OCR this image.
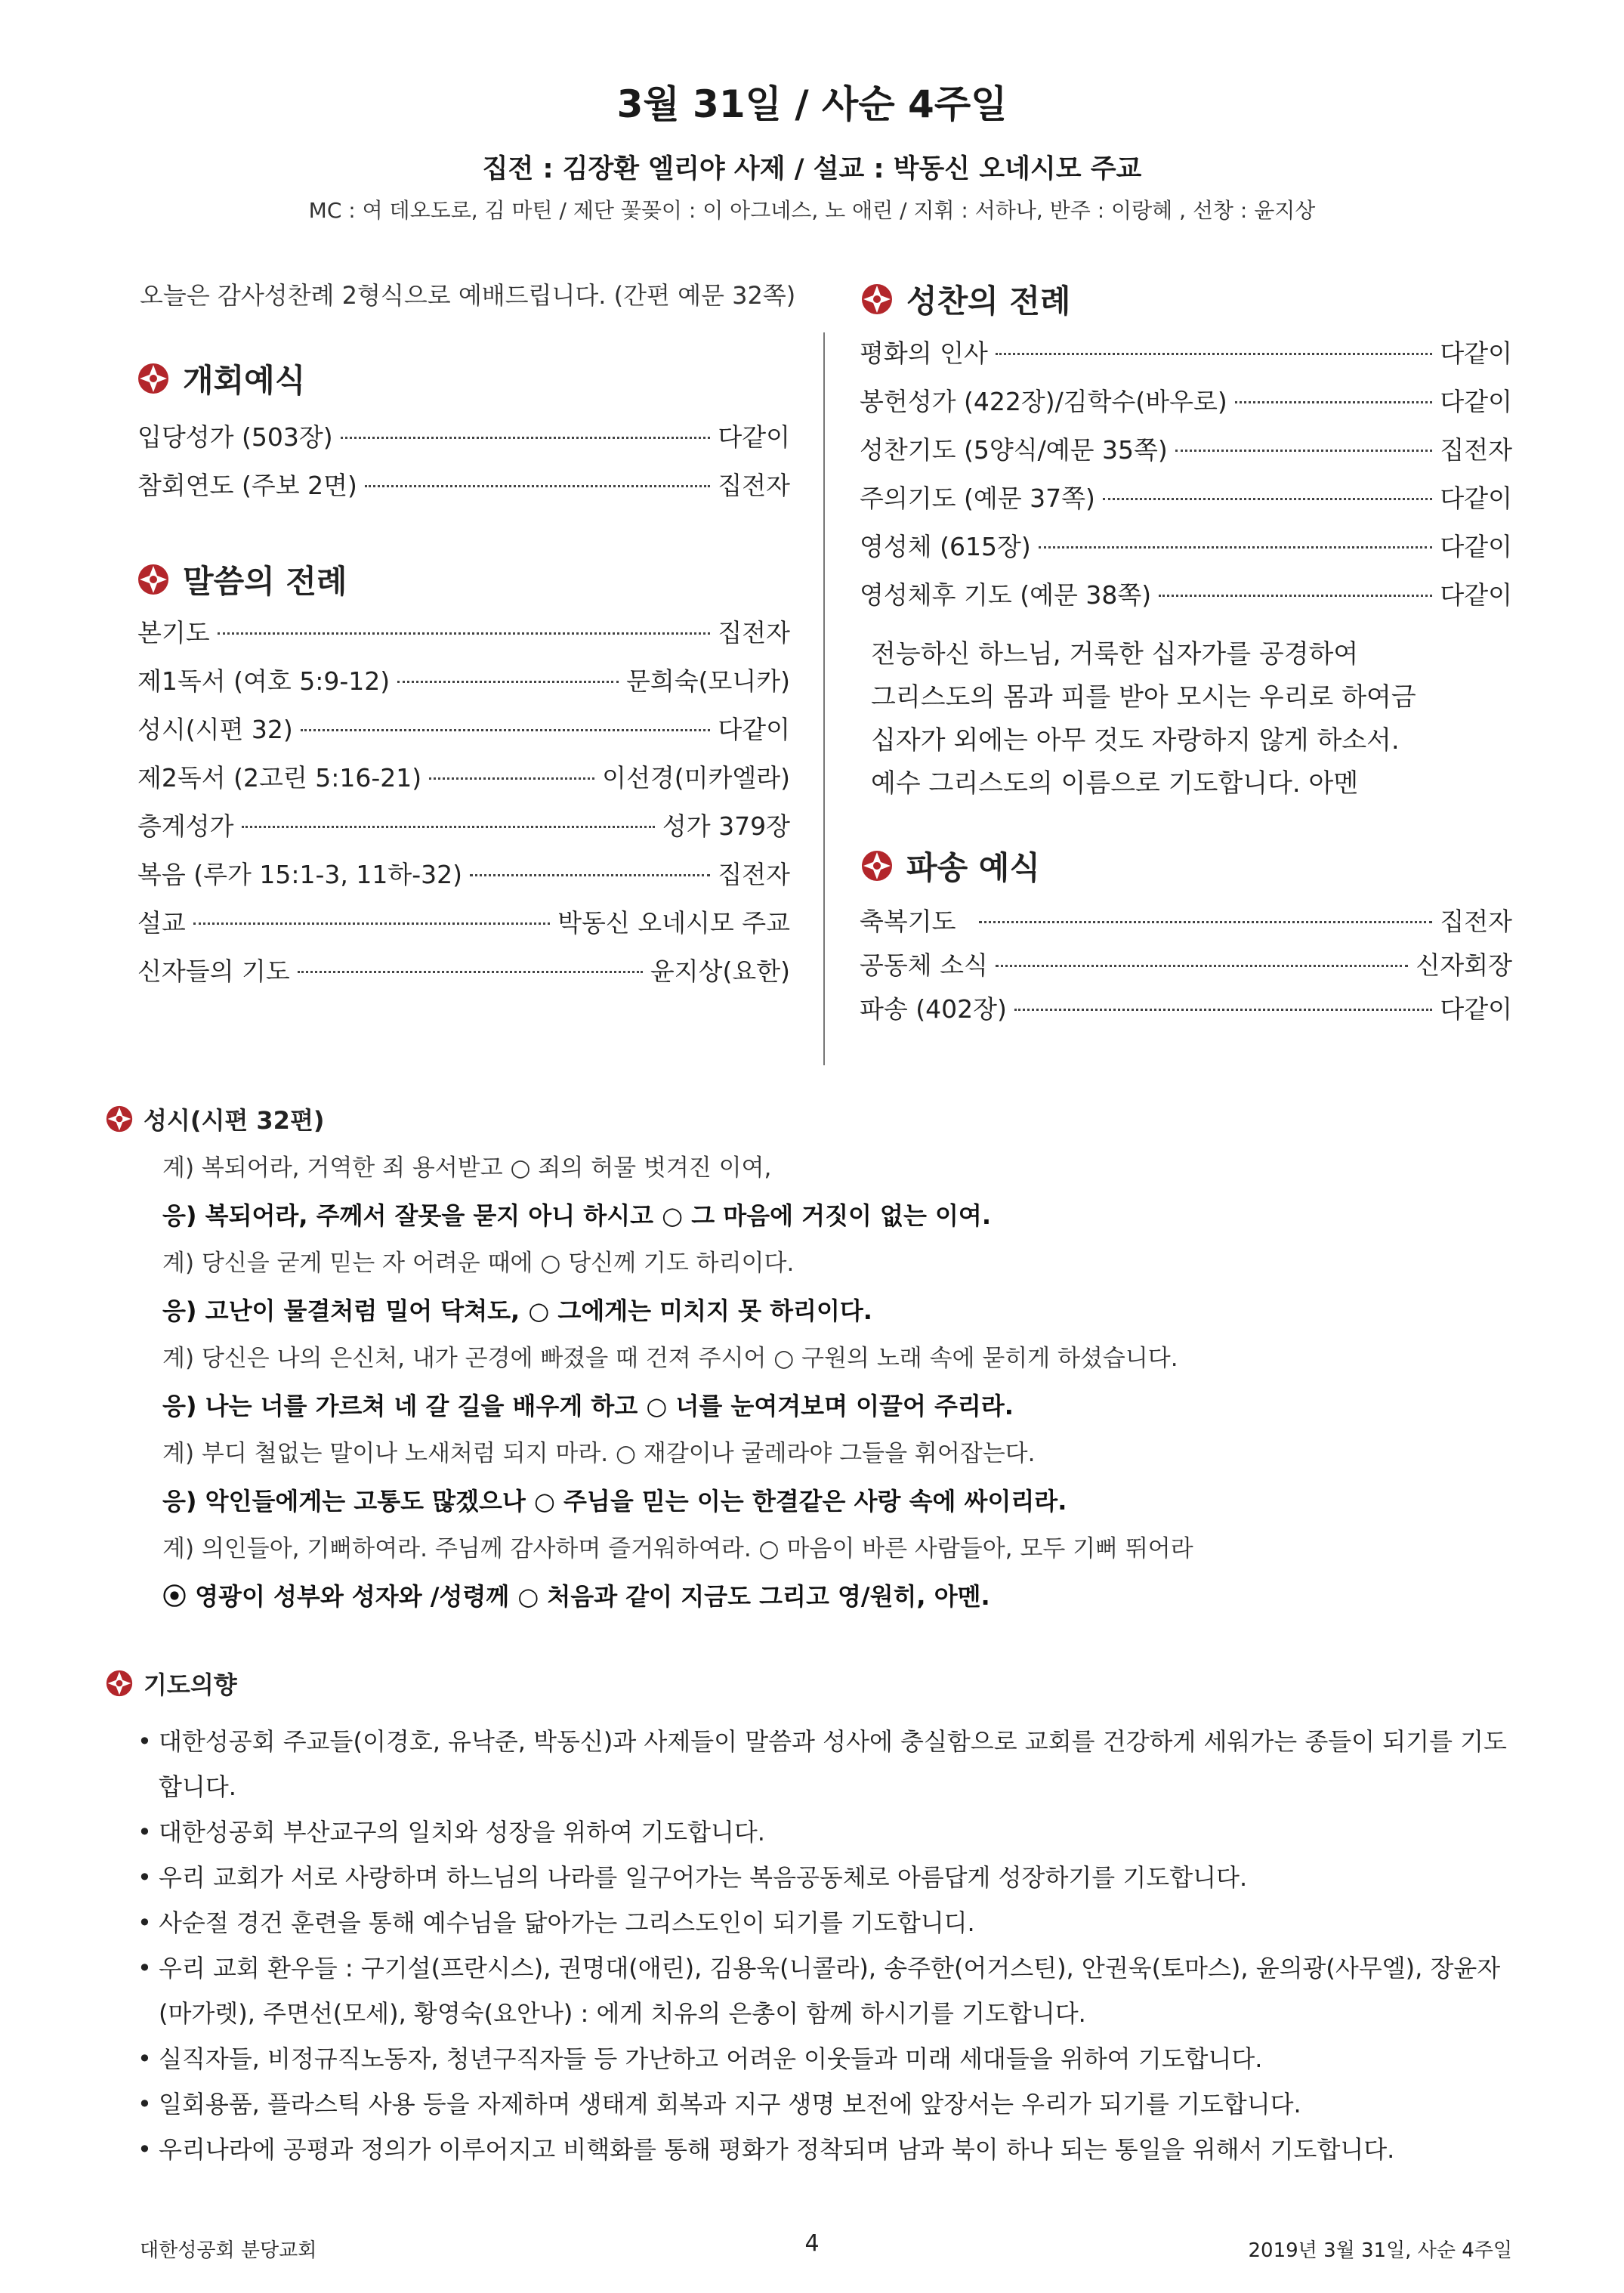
3월 31일 / 사순 4주일
집전 : 김장환 엘리야 사제 / 설교 : 박동신 오네시모 주교
MC : 여 데오도로, 김 마틴 / 제단 꽃꽂이 : 이 아그네스, 노 애린 / 지휘 : 서하나, 반주 : 이랑혜 , 선창 : 윤지상
오늘은 감사성찬례 2형식으로 예배드립니다. (간편 예문 32쪽)
개회예식
입당성가 (503장)	다같이
참회연도 (주보 2면)	집전자
말씀의 전례
본기도	집전자
제1독서 (여호 5:9-12)	문희숙(모니카)
성시(시편 32)	다같이
제2독서 (2고린 5:16-21)	이선경(미카엘라)
층계성가	성가 379장
복음 (루가 15:1-3, 11하-32)	집전자
설교	박동신 오네시모 주교
신자들의 기도	윤지상(요한)
성찬의 전례
평화의 인사	다같이
봉헌성가 (422장)/김학수(바우로)	다같이
성찬기도 (5양식/예문 35쪽)	집전자
주의기도 (예문 37쪽)	다같이
영성체 (615장)	다같이
영성체후 기도 (예문 38쪽)	다같이
전능하신 하느님, 거룩한 십자가를 공경하여
그리스도의 몸과 피를 받아 모시는 우리로 하여금
십자가 외에는 아무 것도 자랑하지 않게 하소서.
예수 그리스도의 이름으로 기도합니다. 아멘
파송 예식
축복기도	집전자
공동체 소식	신자회장
파송 (402장)	다같이
성시(시편 32편)
계) 복되어라, 거역한 죄 용서받고 ○ 죄의 허물 벗겨진 이여,
응) 복되어라, 주께서 잘못을 묻지 아니 하시고 ○ 그 마음에 거짓이 없는 이여.
계) 당신을 굳게 믿는 자 어려운 때에 ○ 당신께 기도 하리이다.
응) 고난이 물결처럼 밀어 닥쳐도, ○ 그에게는 미치지 못 하리이다.
계) 당신은 나의 은신처, 내가 곤경에 빠졌을 때 건져 주시어 ○ 구원의 노래 속에 묻히게 하셨습니다.
응) 나는 너를 가르쳐 네 갈 길을 배우게 하고 ○ 너를 눈여겨보며 이끌어 주리라.
계) 부디 철없는 말이나 노새처럼 되지 마라. ○ 재갈이나 굴레라야 그들을 휘어잡는다.
응) 악인들에게는 고통도 많겠으나 ○ 주님을 믿는 이는 한결같은 사랑 속에 싸이리라.
계) 의인들아, 기뻐하여라. 주님께 감사하며 즐거워하여라. ○ 마음이 바른 사람들아, 모두 기뻐 뛰어라
⦿ 영광이 성부와 성자와 /성령께 ○ 처음과 같이 지금도 그리고 영/원히, 아멘.
기도의향
• 대한성공회 주교들(이경호, 유낙준, 박동신)과 사제들이 말씀과 성사에 충실함으로 교회를 건강하게 세워가는 종들이 되기를 기도합니다.
• 대한성공회 부산교구의 일치와 성장을 위하여 기도합니다.
• 우리 교회가 서로 사랑하며 하느님의 나라를 일구어가는 복음공동체로 아름답게 성장하기를 기도합니다.
• 사순절 경건 훈련을 통해 예수님을 닮아가는 그리스도인이 되기를 기도합니디.
• 우리 교회 환우들 : 구기설(프란시스), 권명대(애린), 김용욱(니콜라), 송주한(어거스틴), 안권욱(토마스), 윤의광(사무엘), 장윤자(마가렛), 주면선(모세), 황영숙(요안나) : 에게 치유의 은총이 함께 하시기를 기도합니다.
• 실직자들, 비정규직노동자, 청년구직자들 등 가난하고 어려운 이웃들과 미래 세대들을 위하여 기도합니다.
• 일회용품, 플라스틱 사용 등을 자제하며 생태계 회복과 지구 생명 보전에 앞장서는 우리가 되기를 기도합니다.
• 우리나라에 공평과 정의가 이루어지고 비핵화를 통해 평화가 정착되며 남과 북이 하나 되는 통일을 위해서 기도합니다.
대한성공회 분당교회	4	2019년 3월 31일, 사순 4주일
